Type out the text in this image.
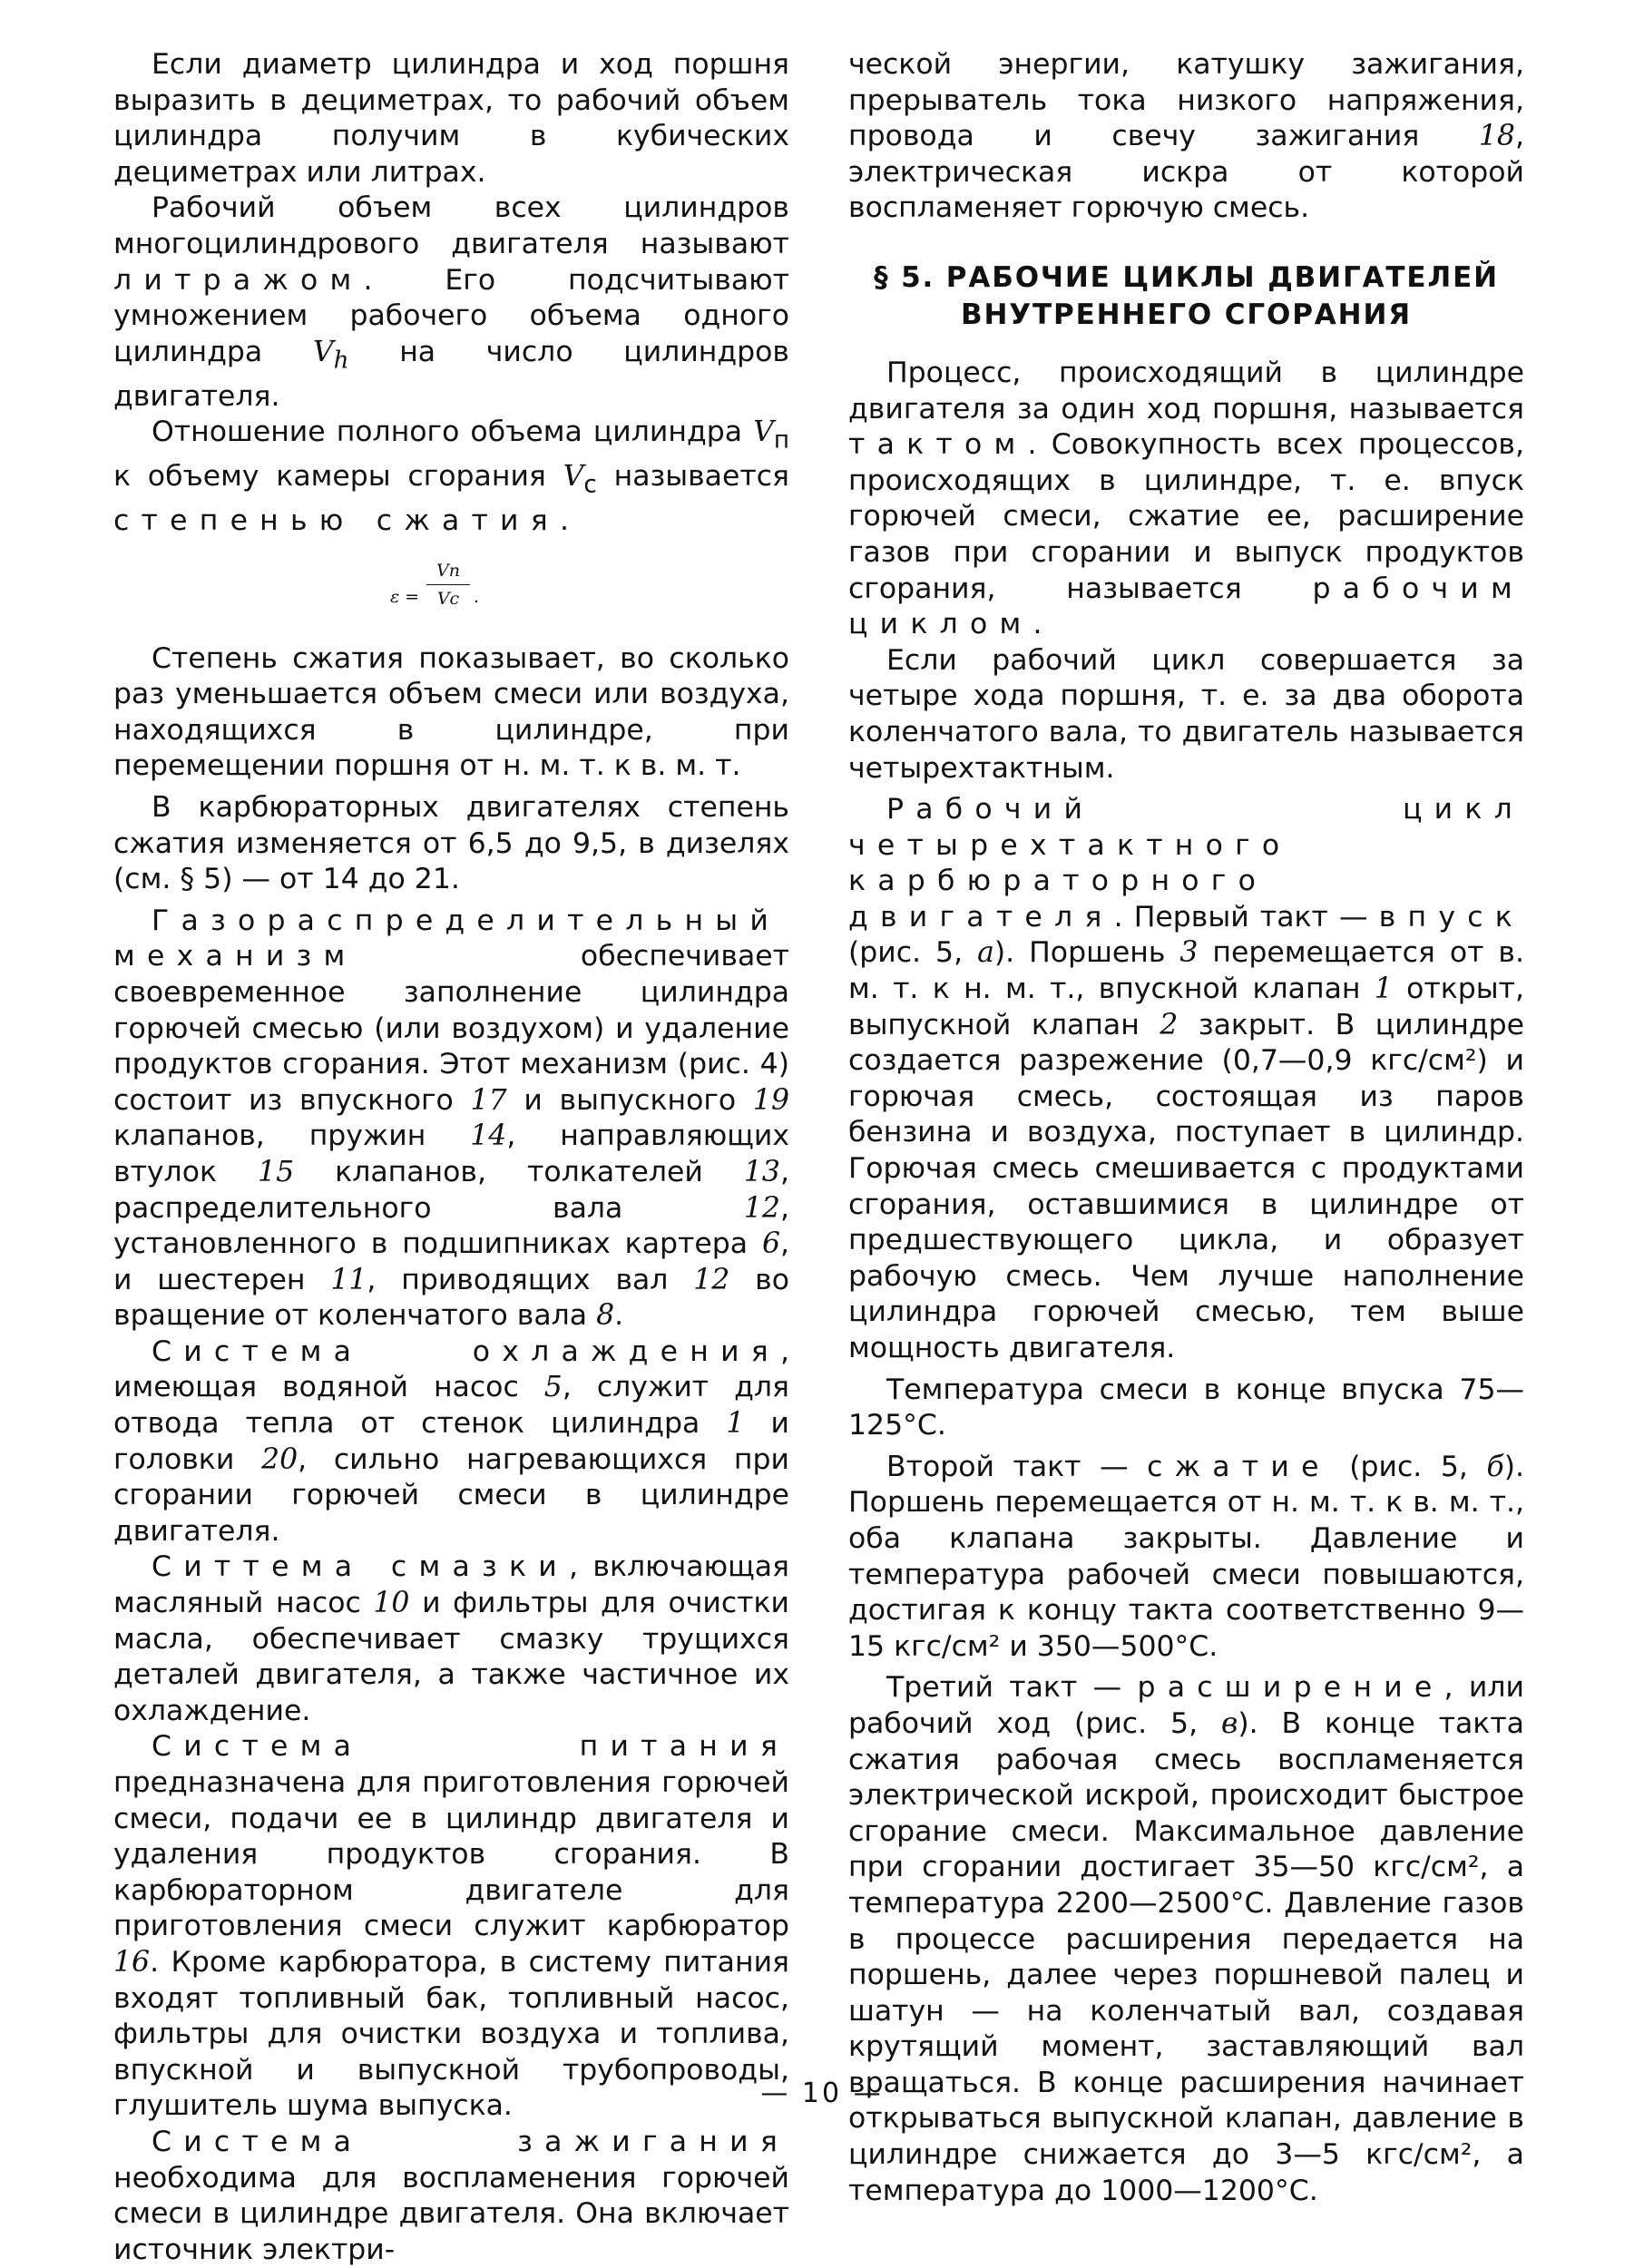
Если диаметр цилиндра и ход поршня выразить в дециметрах, то рабочий объем цилиндра получим в кубических дециметрах или литрах.

Рабочий объем всех цилиндров многоцилиндрового двигателя называют литражом. Его подсчитывают умножением рабочего объема одного цилиндра $V_h$ на число цилиндров двигателя.

Отношение полного объема цилиндра $V_п$ к объему камеры сгорания $V_с$ называется степенью сжатия.

ε =
Vп
Vс .

Степень сжатия показывает, во сколько раз уменьшается объем смеси или воздуха, находящихся в цилиндре, при перемещении поршня от н. м. т. к в. м. т.

В карбюраторных двигателях степень сжатия изменяется от 6,5 до 9,5, в дизелях (см. § 5) — от 14 до 21.

Газораспределительный механизм обеспечивает своевременное заполнение цилиндра горючей смесью (или воздухом) и удаление продуктов сгорания. Этот механизм (рис. 4) состоит из впускного 17 и выпускного 19 клапанов, пружин 14, направляющих втулок 15 клапанов, толкателей 13, распределительного вала 12, установленного в подшипниках картера 6, и шестерен 11, приводящих вал 12 во вращение от коленчатого вала 8.

Система охлаждения, имеющая водяной насос 5, служит для отвода тепла от стенок цилиндра 1 и головки 20, сильно нагревающихся при сгорании горючей смеси в цилиндре двигателя.

Ситтема смазки, включающая масляный насос 10 и фильтры для очистки масла, обеспечивает смазку трущихся деталей двигателя, а также частичное их охлаждение.

Система питания предназначена для приготовления горючей смеси, подачи ее в цилиндр двигателя и удаления продуктов сгорания. В карбюраторном двигателе для приготовления смеси служит карбюратор 16. Кроме карбюратора, в систему питания входят топливный бак, топливный насос, фильтры для очистки воздуха и топлива, впускной и выпускной трубопроводы, глушитель шума выпуска.

Система зажигания необходима для воспламенения горючей смеси в цилиндре двигателя. Она включает источник электри-

ческой энергии, катушку зажигания, прерыватель тока низкого напряжения, провода и свечу зажигания 18, электрическая искра от которой воспламеняет горючую смесь.

§ 5. РАБОЧИЕ ЦИКЛЫ ДВИГАТЕЛЕЙ
ВНУТРЕННЕГО СГОРАНИЯ

Процесс, происходящий в цилиндре двигателя за один ход поршня, называется тактом. Совокупность всех процессов, происходящих в цилиндре, т. е. впуск горючей смеси, сжатие ее, расширение газов при сгорании и выпуск продуктов сгорания, называется рабочим циклом.

Если рабочий цикл совершается за четыре хода поршня, т. е. за два оборота коленчатого вала, то двигатель называется четырехтактным.

Рабочий цикл четырехтактного карбюраторного двигателя. Первый такт — впуск (рис. 5, а). Поршень 3 перемещается от в. м. т. к н. м. т., впускной клапан 1 открыт, выпускной клапан 2 закрыт. В цилиндре создается разрежение (0,7—0,9 кгс/см²) и горючая смесь, состоящая из паров бензина и воздуха, поступает в цилиндр. Горючая смесь смешивается с продуктами сгорания, оставшимися в цилиндре от предшествующего цикла, и образует рабочую смесь. Чем лучше наполнение цилиндра горючей смесью, тем выше мощность двигателя.

Температура смеси в конце впуска 75—125°С.

Второй такт — сжатие (рис. 5, б). Поршень перемещается от н. м. т. к в. м. т., оба клапана закрыты. Давление и температура рабочей смеси повышаются, достигая к концу такта соответственно 9—15 кгс/см² и 350—500°С.

Третий такт — расширение, или рабочий ход (рис. 5, в). В конце такта сжатия рабочая смесь воспламеняется электрической искрой, происходит быстрое сгорание смеси. Максимальное давление при сгорании достигает 35—50 кгс/см², а температура 2200—2500°С. Давление газов в процессе расширения передается на поршень, далее через поршневой палец и шатун — на коленчатый вал, создавая крутящий момент, заставляющий вал вращаться. В конце расширения начинает открываться выпускной клапан, давление в цилиндре снижается до 3—5 кгс/см², а температура до 1000—1200°С.

— 10 —
